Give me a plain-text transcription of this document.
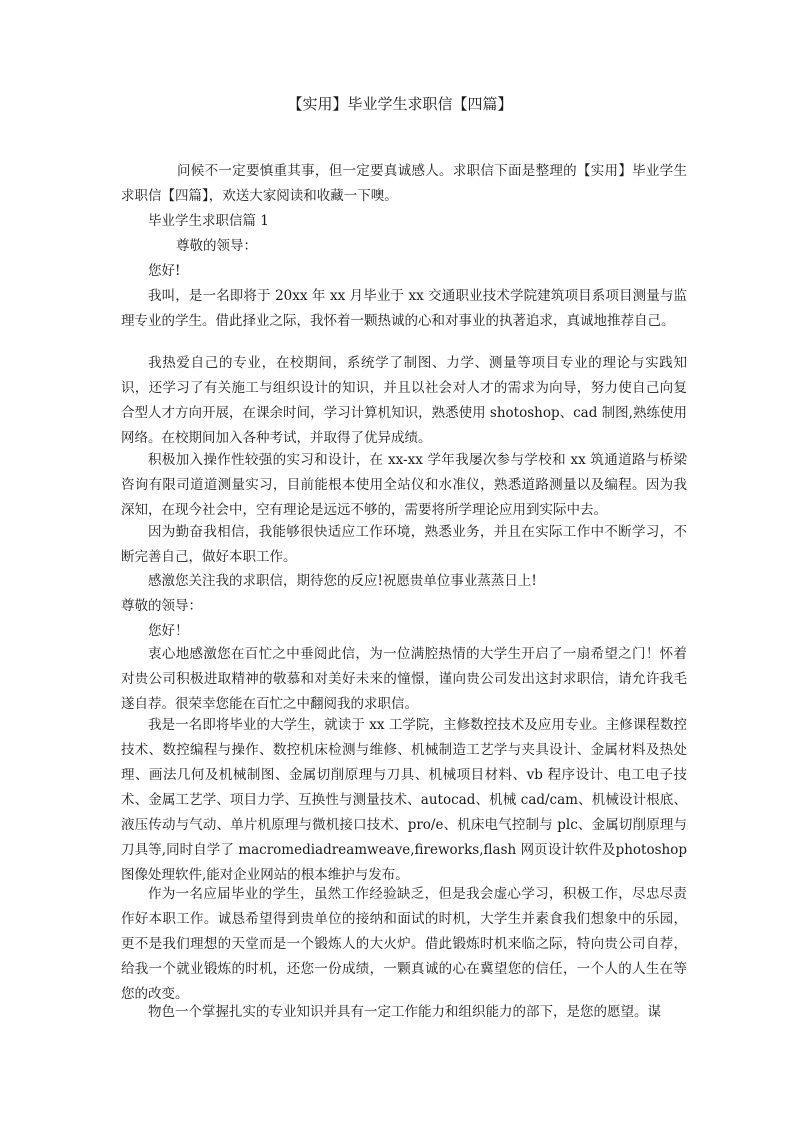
【实用】毕业学生求职信【四篇】
问候不一定要慎重其事，但一定要真诚感人。求职信下面是整理的【实用】毕业学生求职信【四篇】，欢送大家阅读和收藏一下噢。
毕业学生求职信篇 1
尊敬的领导：
您好!
我叫，是一名即将于 20xx 年 xx 月毕业于 xx 交通职业技术学院建筑项目系项目测量与监理专业的学生。借此择业之际，我怀着一颗热诚的心和对事业的执著追求，真诚地推荐自己。
我热爱自己的专业，在校期间，系统学了制图、力学、测量等项目专业的理论与实践知识，还学习了有关施工与组织设计的知识，并且以社会对人才的需求为向导，努力使自己向复合型人才方向开展，在课余时间，学习计算机知识，熟悉使用 shotoshop、cad 制图,熟练使用网络。在校期间加入各种考试，并取得了优异成绩。
积极加入操作性较强的实习和设计，在 xx-xx 学年我屡次参与学校和 xx 筑通道路与桥梁咨询有限司道道测量实习，目前能根本使用全站仪和水准仪，熟悉道路测量以及编程。因为我深知，在现今社会中，空有理论是远远不够的，需要将所学理论应用到实际中去。
因为勤奋我相信，我能够很快适应工作环境，熟悉业务，并且在实际工作中不断学习，不断完善自己，做好本职工作。
感激您关注我的求职信，期待您的反应!祝愿贵单位事业蒸蒸日上!
尊敬的领导：
您好！
衷心地感激您在百忙之中垂阅此信，为一位满腔热情的大学生开启了一扇希望之门！怀着对贵公司积极进取精神的敬慕和对美好未来的憧憬，谨向贵公司发出这封求职信，请允许我毛遂自荐。很荣幸您能在百忙之中翻阅我的求职信。
我是一名即将毕业的大学生，就读于 xx 工学院，主修数控技术及应用专业。主修课程数控技术、数控编程与操作、数控机床检测与维修、机械制造工艺学与夹具设计、金属材料及热处理、画法几何及机械制图、金属切削原理与刀具、机械项目材料、vb 程序设计、电工电子技术、金属工艺学、项目力学、互换性与测量技术、autocad、机械 cad/cam、机械设计根底、液压传动与气动、单片机原理与微机接口技术、pro/e、机床电气控制与 plc、金属切削原理与刀具等,同时自学了 macromediadreamweave,fireworks,flash 网页设计软件及photoshop 图像处理软件,能对企业网站的根本维护与发布。
作为一名应届毕业的学生，虽然工作经验缺乏，但是我会虚心学习，积极工作，尽忠尽责作好本职工作。诚恳希望得到贵单位的接纳和面试的时机，大学生并素食我们想象中的乐园，更不是我们理想的天堂而是一个锻炼人的大火炉。借此锻炼时机来临之际，特向贵公司自荐，给我一个就业锻炼的时机，还您一份成绩，一颗真诚的心在冀望您的信任，一个人的人生在等您的改变。
物色一个掌握扎实的专业知识并具有一定工作能力和组织能力的部下，是您的愿望。谋
